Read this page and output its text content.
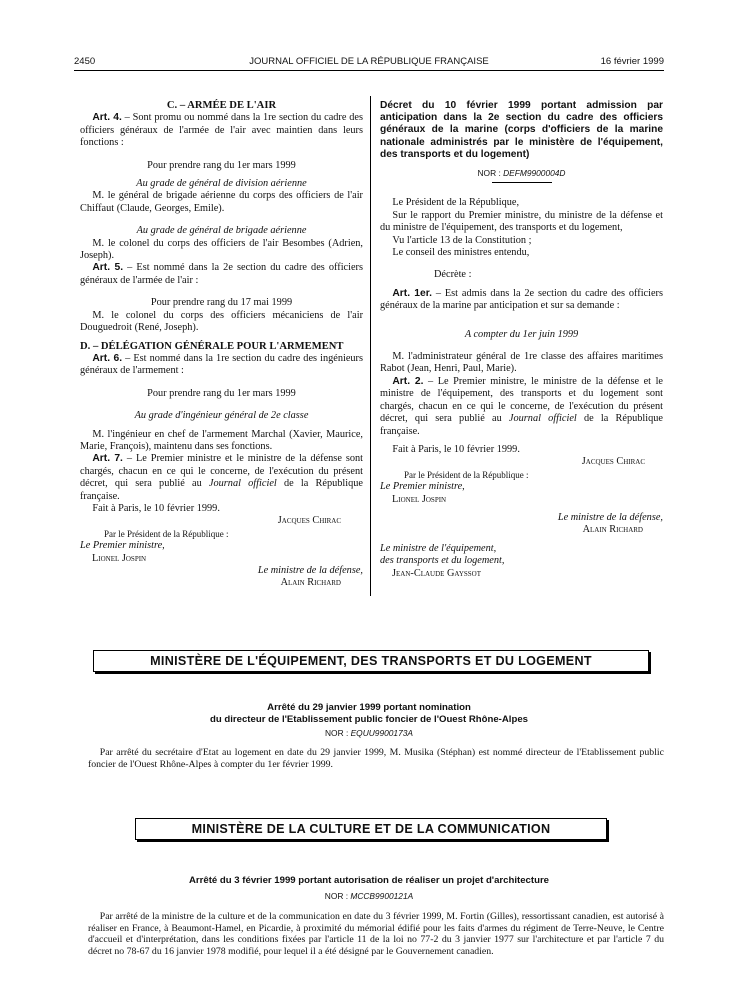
2450	JOURNAL OFFICIEL DE LA RÉPUBLIQUE FRANÇAISE	16 février 1999

C. – ARMÉE DE L'AIR

Art. 4. – Sont promu ou nommé dans la 1re section du cadre des officiers généraux de l'armée de l'air avec maintien dans leurs fonctions :

Pour prendre rang du 1er mars 1999

Au grade de général de division aérienne

M. le général de brigade aérienne du corps des officiers de l'air Chiffaut (Claude, Georges, Emile).

Au grade de général de brigade aérienne

M. le colonel du corps des officiers de l'air Besombes (Adrien, Joseph).

Art. 5. – Est nommé dans la 2e section du cadre des officiers généraux de l'armée de l'air :

Pour prendre rang du 17 mai 1999

M. le colonel du corps des officiers mécaniciens de l'air Douguedroit (René, Joseph).

D. – DÉLÉGATION GÉNÉRALE POUR L'ARMEMENT

Art. 6. – Est nommé dans la 1re section du cadre des ingénieurs généraux de l'armement :

Pour prendre rang du 1er mars 1999

Au grade d'ingénieur général de 2e classe

M. l'ingénieur en chef de l'armement Marchal (Xavier, Maurice, Marie, François), maintenu dans ses fonctions.

Art. 7. – Le Premier ministre et le ministre de la défense sont chargés, chacun en ce qui le concerne, de l'exécution du présent décret, qui sera publié au Journal officiel de la République française.

Fait à Paris, le 10 février 1999.

Jacques Chirac

Par le Président de la République :

Le Premier ministre,

Lionel Jospin

Le ministre de la défense,

Alain Richard

Décret du 10 février 1999 portant admission par anticipation dans la 2e section du cadre des officiers généraux de la marine (corps d'officiers de la marine nationale administrés par le ministère de l'équipement, des transports et du logement)

NOR : DEFM9900004D

Le Président de la République,

Sur le rapport du Premier ministre, du ministre de la défense et du ministre de l'équipement, des transports et du logement,

Vu l'article 13 de la Constitution ;

Le conseil des ministres entendu,

Décrète :

Art. 1er. – Est admis dans la 2e section du cadre des officiers généraux de la marine par anticipation et sur sa demande :

A compter du 1er juin 1999

M. l'administrateur général de 1re classe des affaires maritimes Rabot (Jean, Henri, Paul, Marie).

Art. 2. – Le Premier ministre, le ministre de la défense et le ministre de l'équipement, des transports et du logement sont chargés, chacun en ce qui le concerne, de l'exécution du présent décret, qui sera publié au Journal officiel de la République française.

Fait à Paris, le 10 février 1999.

Jacques Chirac

Par le Président de la République :

Le Premier ministre,

Lionel Jospin

Le ministre de la défense,

Alain Richard

Le ministre de l'équipement,

des transports et du logement,

Jean-Claude Gayssot

MINISTÈRE DE L'ÉQUIPEMENT, DES TRANSPORTS ET DU LOGEMENT
Arrêté du 29 janvier 1999 portant nomination
du directeur de l'Etablissement public foncier de l'Ouest Rhône-Alpes
NOR : EQUU9900173A
Par arrêté du secrétaire d'Etat au logement en date du 29 janvier 1999, M. Musika (Stéphan) est nommé directeur de l'Etablissement public foncier de l'Ouest Rhône-Alpes à compter du 1er février 1999.
MINISTÈRE DE LA CULTURE ET DE LA COMMUNICATION
Arrêté du 3 février 1999 portant autorisation de réaliser un projet d'architecture
NOR : MCCB9900121A
Par arrêté de la ministre de la culture et de la communication en date du 3 février 1999, M. Fortin (Gilles), ressortissant canadien, est autorisé à réaliser en France, à Beaumont-Hamel, en Picardie, à proximité du mémorial édifié pour les faits d'armes du régiment de Terre-Neuve, le Centre d'accueil et d'interprétation, dans les conditions fixées par l'article 11 de la loi no 77-2 du 3 janvier 1977 sur l'architecture et par l'article 7 du décret no 78-67 du 16 janvier 1978 modifié, pour lequel il a été désigné par le Gouvernement canadien.
